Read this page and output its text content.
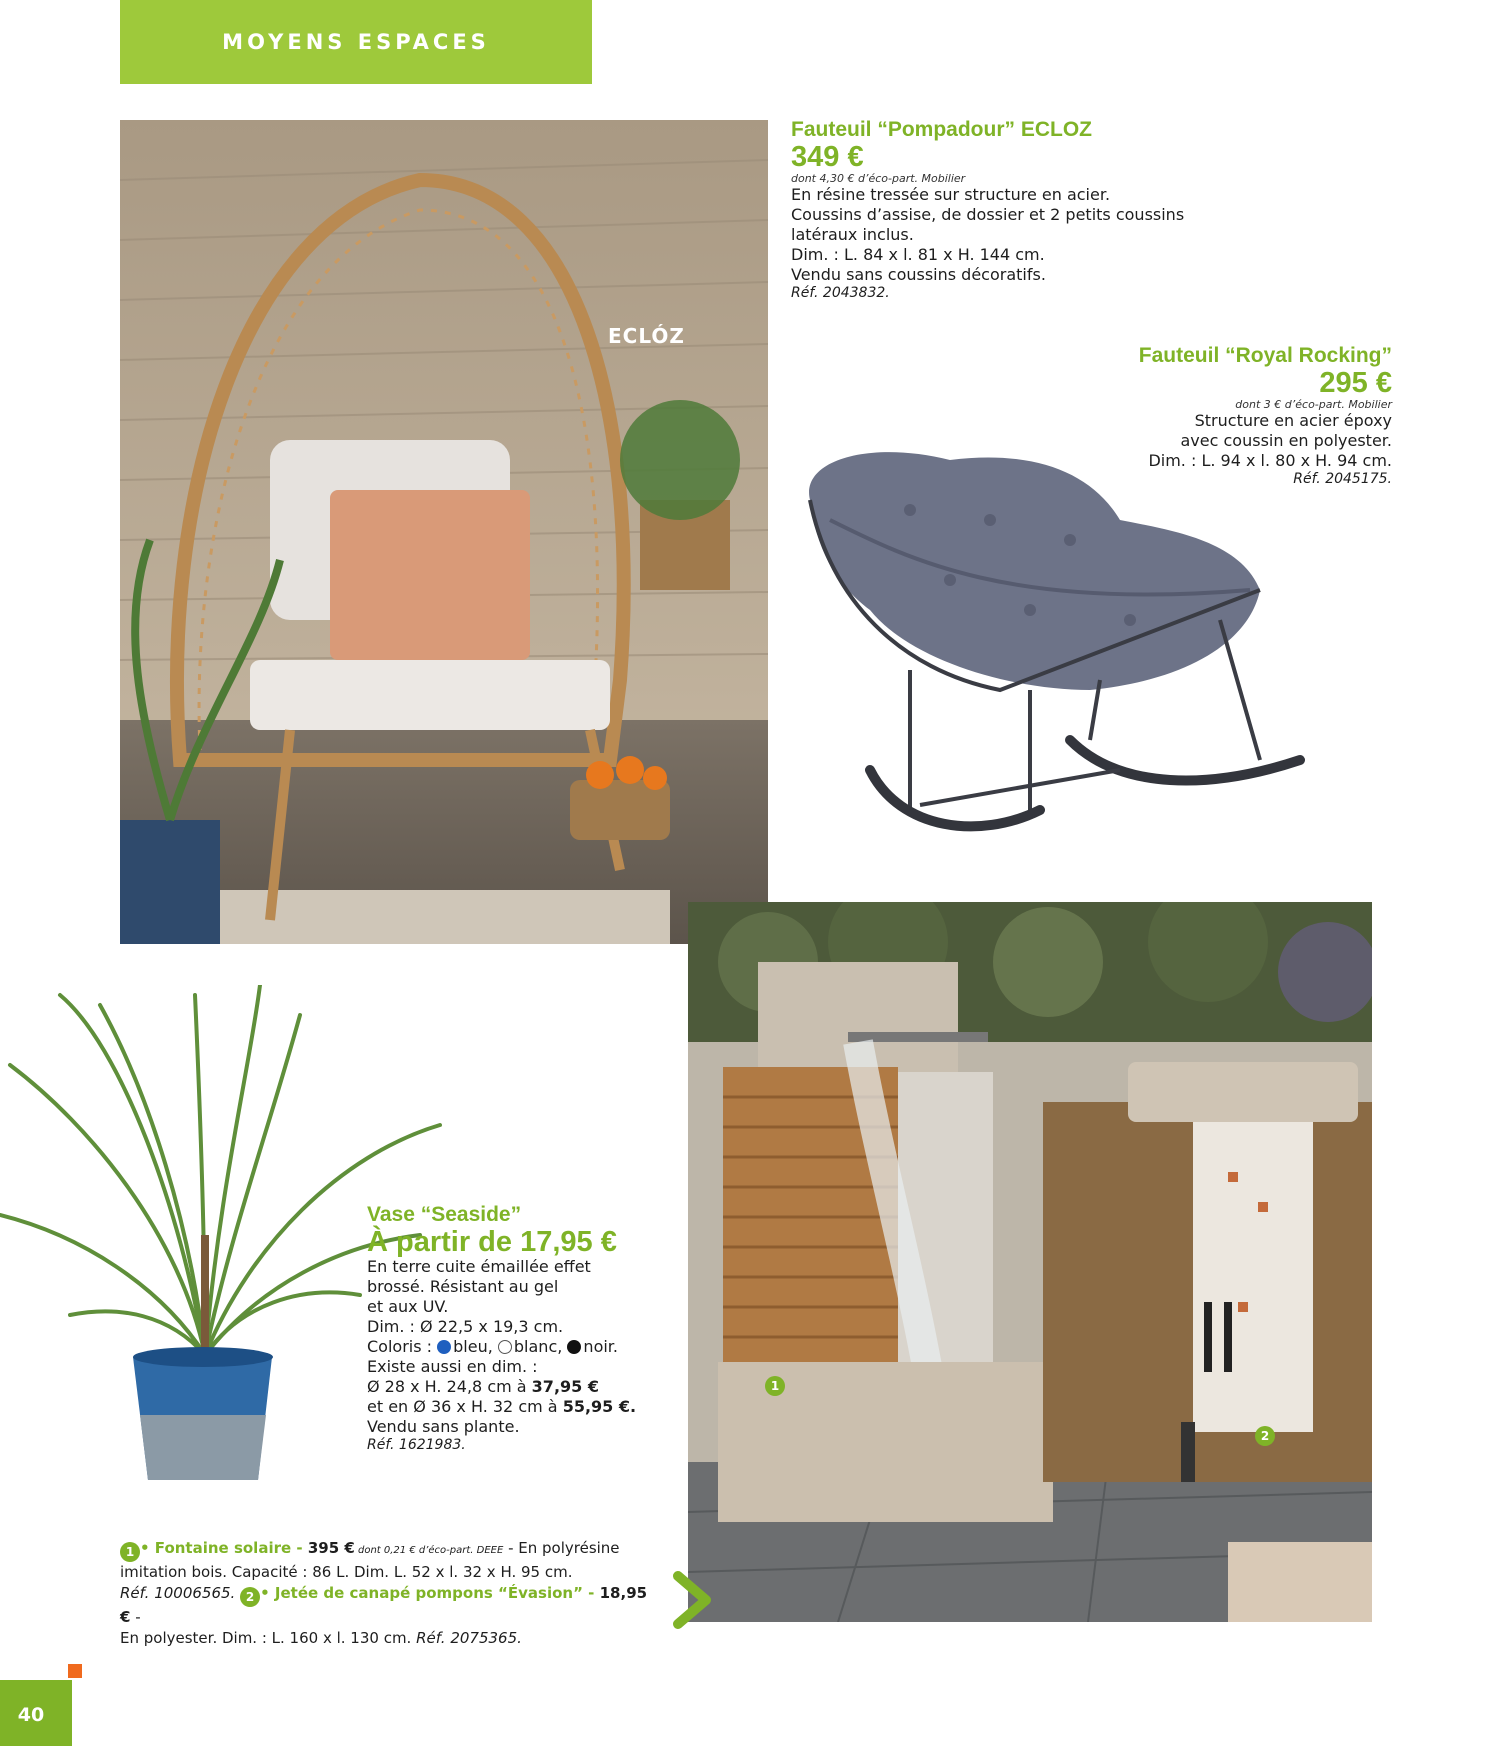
MOYENS ESPACES
ECLÓZ
Fauteuil “Pompadour” ECLOZ
349 €
dont 4,30 € d’éco-part. Mobilier
En résine tressée sur structure en acier.
Coussins d’assise, de dossier et 2 petits coussins
latéraux inclus.
Dim. : L. 84 x l. 81 x H. 144 cm.
Vendu sans coussins décoratifs.
Réf. 2043832.
Fauteuil “Royal Rocking”
295 €
dont 3 € d’éco-part. Mobilier
Structure en acier époxy
avec coussin en polyester.
Dim. : L. 94 x l. 80 x H. 94 cm.
Réf. 2045175.
Vase “Seaside”
À partir de 17,95 €
En terre cuite émaillée effet
brossé. Résistant au gel
et aux UV.
Dim. : Ø 22,5 x 19,3 cm.
Coloris : bleu, blanc, noir.
Existe aussi en dim. :
Ø 28 x H. 24,8 cm à 37,95 €
et en Ø 36 x H. 32 cm à 55,95 €.
Vendu sans plante.
Réf. 1621983.
1
2
1 • Fontaine solaire - 395 € dont 0,21 € d’éco-part. DEEE - En polyrésine
imitation bois. Capacité : 86 L. Dim. L. 52 x l. 32 x H. 95 cm.
Réf. 10006565. 2 • Jetée de canapé pompons “Évasion” - 18,95 € -
En polyester. Dim. : L. 160 x l. 130 cm. Réf. 2075365.
40
